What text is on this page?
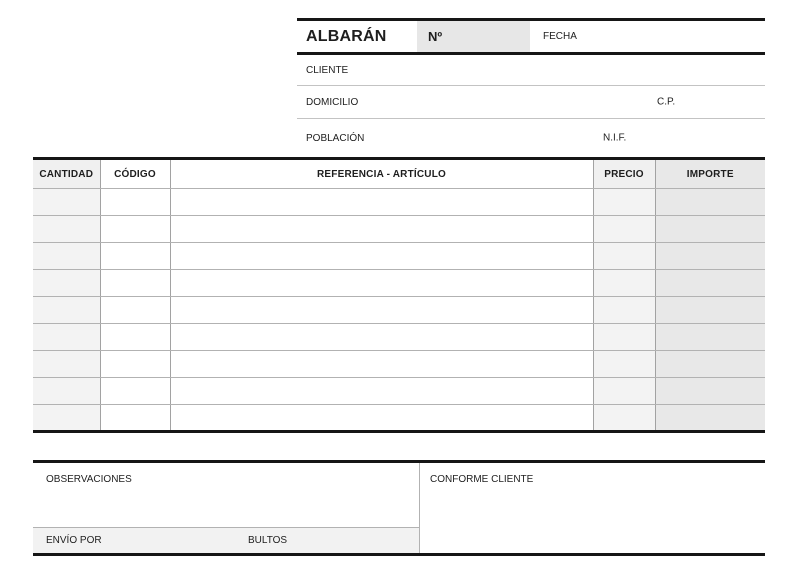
ALBARÁN	Nº	FECHA
CLIENTE
DOMICILIO	C.P.
POBLACIÓN	N.I.F.
CANTIDAD	CÓDIGO	REFERENCIA - ARTÍCULO	PRECIO	IMPORTE

OBSERVACIONES
ENVÍO POR	BULTOS
CONFORME CLIENTE
